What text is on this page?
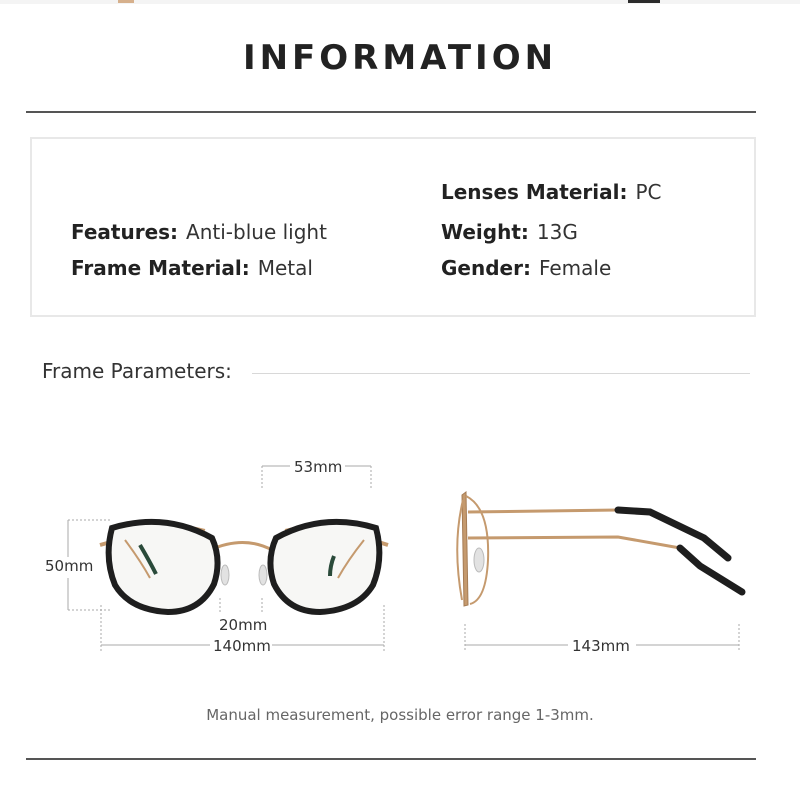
INFORMATION
Features: Anti-blue light
Frame Material: Metal
Lenses Material: PC
Weight: 13G
Gender: Female
Frame Parameters:
53mm
50mm
20mm
140mm	143mm
Manual measurement, possible error range 1-3mm.
